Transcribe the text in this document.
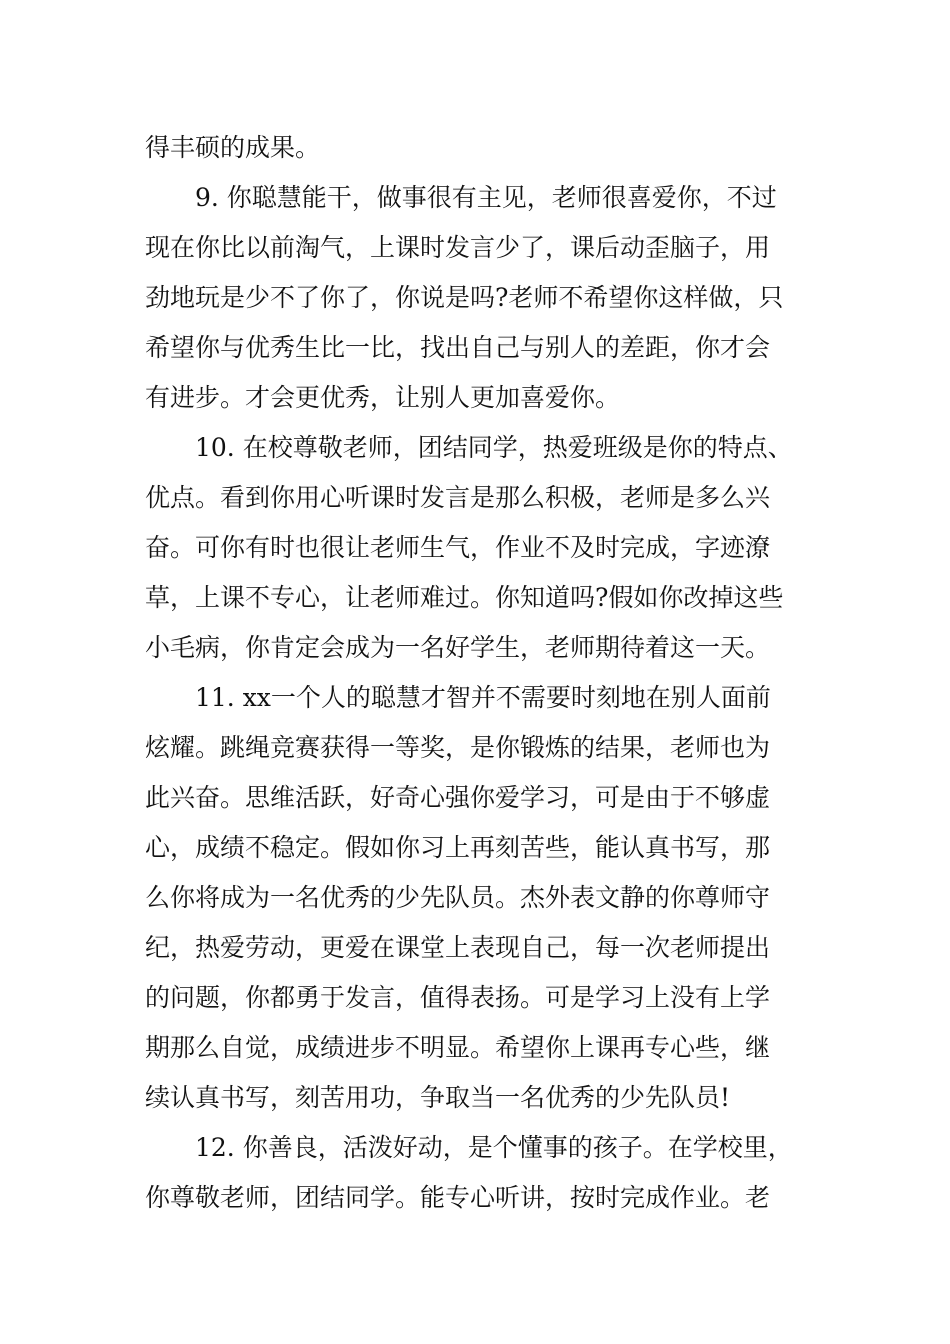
得丰硕的成果。
9. 你聪慧能干，做事很有主见，老师很喜爱你，不过
现在你比以前淘气，上课时发言少了，课后动歪脑子，用
劲地玩是少不了你了，你说是吗?老师不希望你这样做，只
希望你与优秀生比一比，找出自己与别人的差距，你才会
有进步。才会更优秀，让别人更加喜爱你。
10. 在校尊敬老师，团结同学，热爱班级是你的特点、
优点。看到你用心听课时发言是那么积极，老师是多么兴
奋。可你有时也很让老师生气，作业不及时完成，字迹潦
草，上课不专心，让老师难过。你知道吗?假如你改掉这些
小毛病，你肯定会成为一名好学生，老师期待着这一天。
11. xx一个人的聪慧才智并不需要时刻地在别人面前
炫耀。跳绳竞赛获得一等奖，是你锻炼的结果，老师也为
此兴奋。思维活跃，好奇心强你爱学习，可是由于不够虚
心，成绩不稳定。假如你习上再刻苦些，能认真书写，那
么你将成为一名优秀的少先队员。杰外表文静的你尊师守
纪，热爱劳动，更爱在课堂上表现自己，每一次老师提出
的问题，你都勇于发言，值得表扬。可是学习上没有上学
期那么自觉，成绩进步不明显。希望你上课再专心些，继
续认真书写，刻苦用功，争取当一名优秀的少先队员!
12. 你善良，活泼好动，是个懂事的孩子。在学校里，
你尊敬老师，团结同学。能专心听讲，按时完成作业。老
